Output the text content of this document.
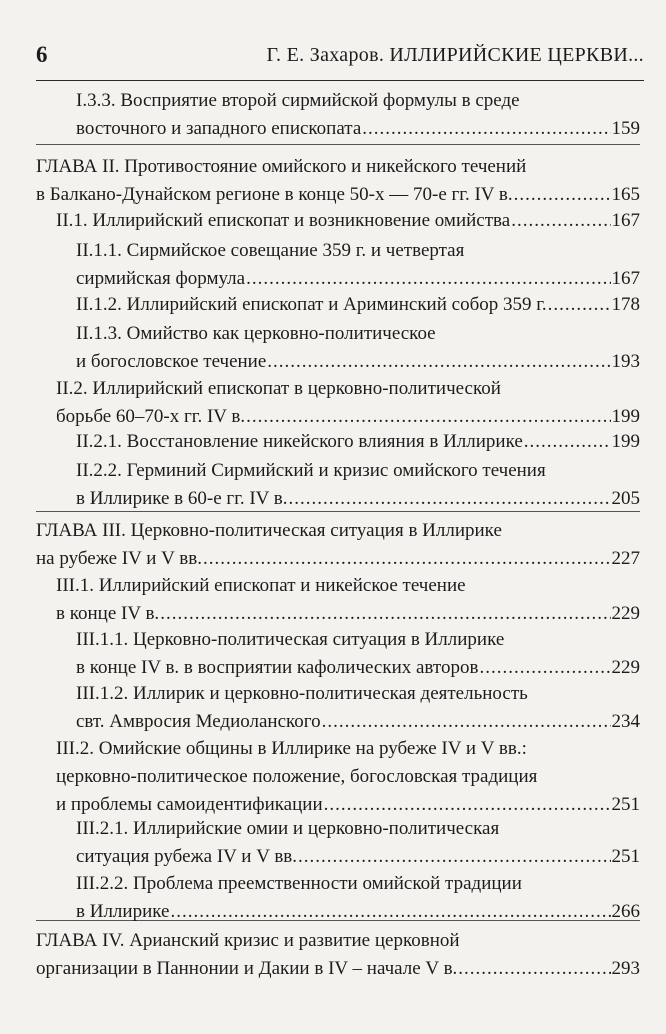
6	Г. Е. Захаров. ИЛЛИРИЙСКИЕ ЦЕРКВИ...
I.3.3. Восприятие второй сирмийской формулы в среде
восточного и западного епископата .....	159
ГЛАВА II. Противостояние омийского и никейского течений
в Балкано-Дунайском регионе в конце 50-х — 70-е гг. IV в. .....	165
II.1. Иллирийский епископат и возникновение омийства .....	167
II.1.1. Сирмийское совещание 359 г. и четвертая
сирмийская формула .....	167
II.1.2. Иллирийский епископат и Ариминский собор 359 г. .....	178
II.1.3. Омийство как церковно-политическое
и богословское течение .....	193
II.2. Иллирийский епископат в церковно-политической
борьбе 60–70-х гг. IV в. .....	199
II.2.1. Восстановление никейского влияния в Иллирике .....	199
II.2.2. Герминий Сирмийский и кризис омийского течения
в Иллирике в 60-е гг. IV в. .....	205
ГЛАВА III. Церковно-политическая ситуация в Иллирике
на рубеже IV и V вв. .....	227
III.1. Иллирийский епископат и никейское течение
в конце IV в. .....	229
III.1.1. Церковно-политическая ситуация в Иллирике
в конце IV в. в восприятии кафолических авторов .....	229
III.1.2. Иллирик и церковно-политическая деятельность
свт. Амвросия Медиоланского .....	234
III.2. Омийские общины в Иллирике на рубеже IV и V вв.:
церковно-политическое положение, богословская традиция
и проблемы самоидентификации .....	251
III.2.1. Иллирийские омии и церковно-политическая
ситуация рубежа IV и V вв. .....	251
III.2.2. Проблема преемственности омийской традиции
в Иллирике .....	266
ГЛАВА IV. Арианский кризис и развитие церковной
организации в Паннонии и Дакии в IV – начале V в. .....	293
